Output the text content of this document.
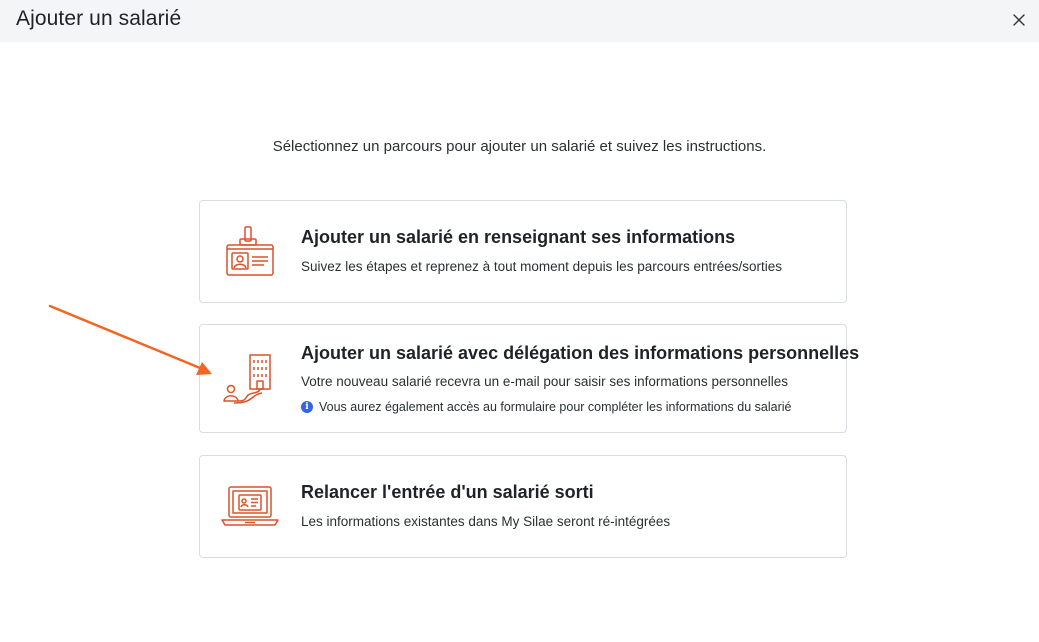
Ajouter un salarié
Sélectionnez un parcours pour ajouter un salarié et suivez les instructions.
Ajouter un salarié en renseignant ses informations
Suivez les étapes et reprenez à tout moment depuis les parcours entrées/sorties
Ajouter un salarié avec délégation des informations personnelles
Votre nouveau salarié recevra un e-mail pour saisir ses informations personnelles
i Vous aurez également accès au formulaire pour compléter les informations du salarié
Relancer l'entrée d'un salarié sorti
Les informations existantes dans My Silae seront ré-intégrées
